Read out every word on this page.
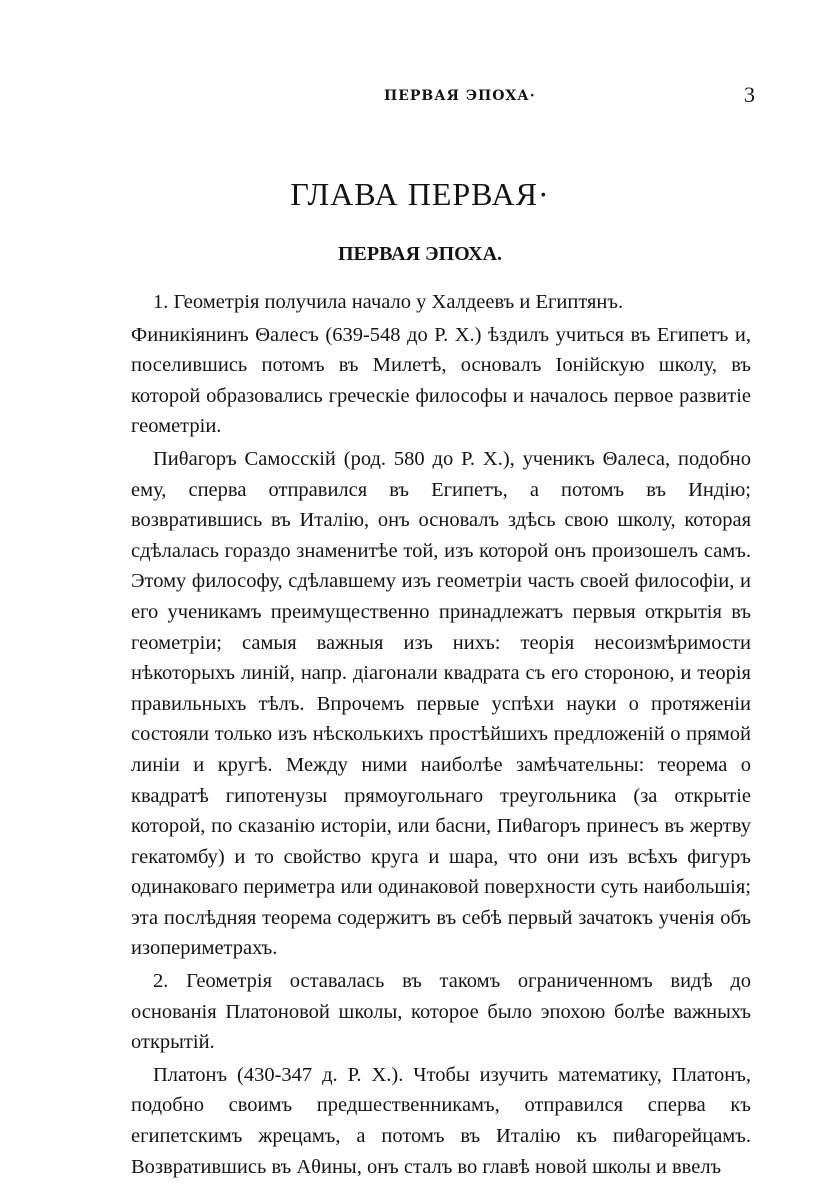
ПЕРВАЯ ЭПОХА·	3
ГЛАВА ПЕРВАЯ·
ПЕРВАЯ ЭПОХА.

1. Геометрія получила начало у Халдеевъ и Египтянъ.

Финикіянинъ Θалесъ (639-548 до Р. Х.) ѣздилъ учиться въ Египетъ и, поселившись потомъ въ Милетѣ, основалъ Іонійскую школу, въ которой образовались греческіе философы и началось первое развитіе геометріи.

Пиθагоръ Самосскій (род. 580 до Р. Х.), ученикъ Θалеса, подобно ему, сперва отправился въ Египетъ, а потомъ въ Индію; возвратившись въ Италію, онъ основалъ здѣсь свою школу, которая сдѣлалась гораздо знаменитѣе той, изъ которой онъ произошелъ самъ. Этому философу, сдѣлавшему изъ геометріи часть своей философіи, и его ученикамъ преимущественно принадлежатъ первыя открытія въ геометріи; самыя важныя изъ нихъ: теорія несоизмѣримости нѣкоторыхъ линій, напр. діагонали квадрата съ его стороною, и теорія правильныхъ тѣлъ. Впрочемъ первые успѣхи науки о протяженіи состояли только изъ нѣсколькихъ простѣйшихъ предложеній о прямой линіи и кругѣ. Между ними наиболѣе замѣчательны: теорема о квадратѣ гипотенузы прямоугольнаго треугольника (за открытіе которой, по сказанію исторіи, или басни, Пиθагоръ принесъ въ жертву гекатомбу) и то свойство круга и шара, что они изъ всѣхъ фигуръ одинаковаго периметра или одинаковой поверхности суть наибольшія; эта послѣдняя теорема содержитъ въ себѣ первый зачатокъ ученія объ изопериметрахъ.

2. Геометрія оставалась въ такомъ ограниченномъ видѣ до основанія Платоновой школы, которое было эпохою болѣе важныхъ открытій.

Платонъ (430-347 д. Р. Х.). Чтобы изучить математику, Платонъ, подобно своимъ предшественникамъ, отправился сперва къ египетскимъ жрецамъ, а потомъ въ Италію къ пиθагорейцамъ. Возвратившись въ Аθины, онъ сталъ во главѣ новой школы и ввелъ
